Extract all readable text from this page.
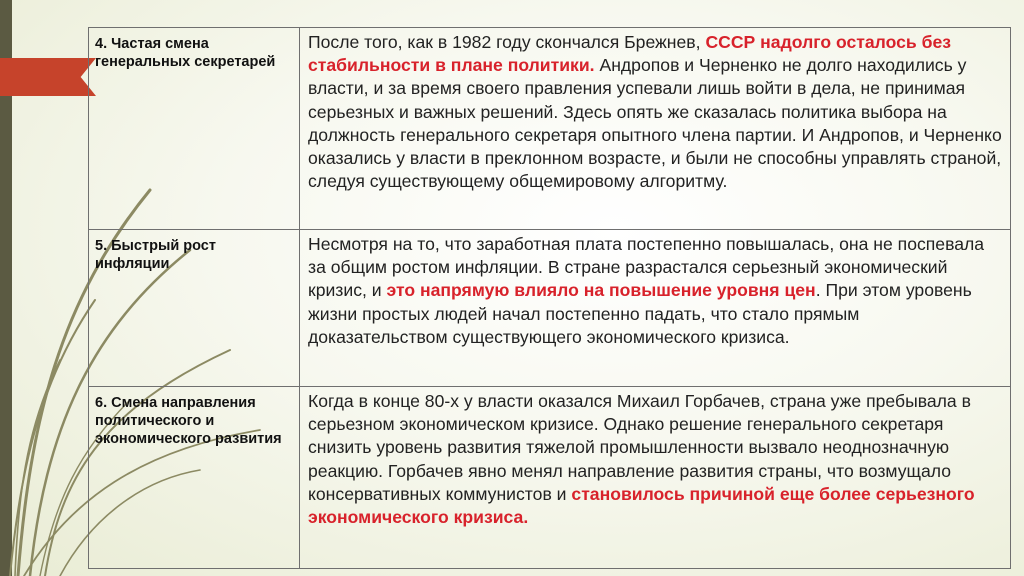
4. Частая смена генеральных секретарей	После того, как в 1982 году скончался Брежнев, СССР надолго осталось без стабильности в плане политики. Андропов и Черненко не долго находились у власти, и за время своего правления успевали лишь войти в дела, не принимая серьезных и важных решений. Здесь опять же сказалась политика выбора на должность генерального секретаря опытного члена партии. И Андропов, и Черненко оказались у власти в преклонном возрасте, и были не способны управлять страной, следуя существующему общемировому алгоритму.
5. Быстрый рост инфляции	Несмотря на то, что заработная плата постепенно повышалась, она не поспевала за общим ростом инфляции. В стране разрастался серьезный экономический кризис, и это напрямую влияло на повышение уровня цен. При этом уровень жизни простых людей начал постепенно падать, что стало прямым доказательством существующего экономического кризиса.
6. Смена направления политического и экономического развития	Когда в конце 80-х у власти оказался Михаил Горбачев, страна уже пребывала в серьезном экономическом кризисе. Однако решение генерального секретаря снизить уровень развития тяжелой промышленности вызвало неоднозначную реакцию. Горбачев явно менял направление развития страны, что возмущало консервативных коммунистов и становилось причиной еще более серьезного экономического кризиса.
